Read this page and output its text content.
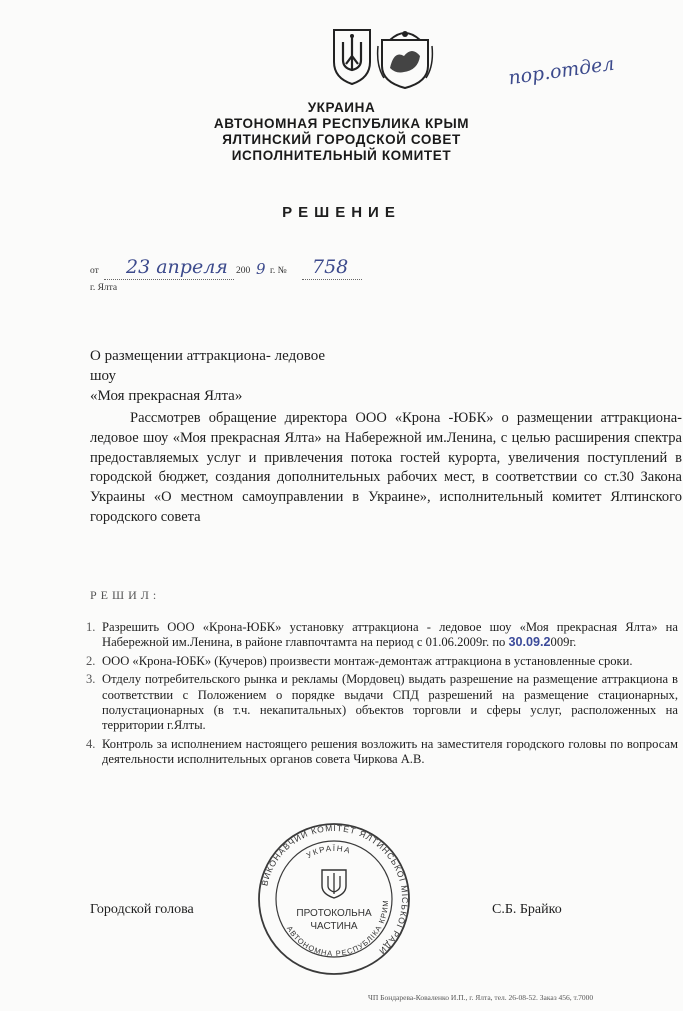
пор.отдел
УКРАИНА
АВТОНОМНАЯ РЕСПУБЛИКА КРЫМ
ЯЛТИНСКИЙ ГОРОДСКОЙ СОВЕТ
ИСПОЛНИТЕЛЬНЫЙ КОМИТЕТ
РЕШЕНИЕ
от 23 апреля 200 9 г. № 758
г. Ялта
О размещении аттракциона- ледовое шоу
«Моя прекрасная Ялта»

Рассмотрев обращение директора ООО «Крона -ЮБК» о размещении аттракциона- ледовое шоу «Моя прекрасная Ялта» на Набережной им.Ленина, с целью расширения спектра предоставляемых услуг и привлечения потока гостей курорта, увеличения поступлений в городской бюджет, создания дополнительных рабочих мест, в соответствии со ст.30 Закона Украины «О местном самоуправлении в Украине», исполнительный комитет Ялтинского городского совета

РЕШИЛ:
1. Разрешить ООО «Крона-ЮБК» установку аттракциона - ледовое шоу «Моя прекрасная Ялта» на Набережной им.Ленина, в районе главпочтамта на период с 01.06.2009г. по 30.09.2009г.
2. ООО «Крона-ЮБК» (Кучеров) произвести монтаж-демонтаж аттракциона в установленные сроки.
3. Отделу потребительского рынка и рекламы (Мордовец) выдать разрешение на размещение аттракциона в соответствии с Положением о порядке выдачи СПД разрешений на размещение стационарных, полустационарных (в т.ч. некапитальных) объектов торговли и сферы услуг, расположенных на территории г.Ялты.
4. Контроль за исполнением настоящего решения возложить на заместителя городского головы по вопросам деятельности исполнительных органов совета Чиркова А.В.
ВИКОНАВЧИЙ КОМІТЕТ ЯЛТИНСЬКОЇ МІСЬКОЇ РАДИ
УКРАЇНА
АВТОНОМНА РЕСПУБЛІКА КРИМ
ПРОТОКОЛЬНА
ЧАСТИНА
Городской голова	С.Б. Брайко
ЧП Бондарева-Коваленко И.П., г. Ялта, тел. 26-08-52. Заказ 456, т.7000
